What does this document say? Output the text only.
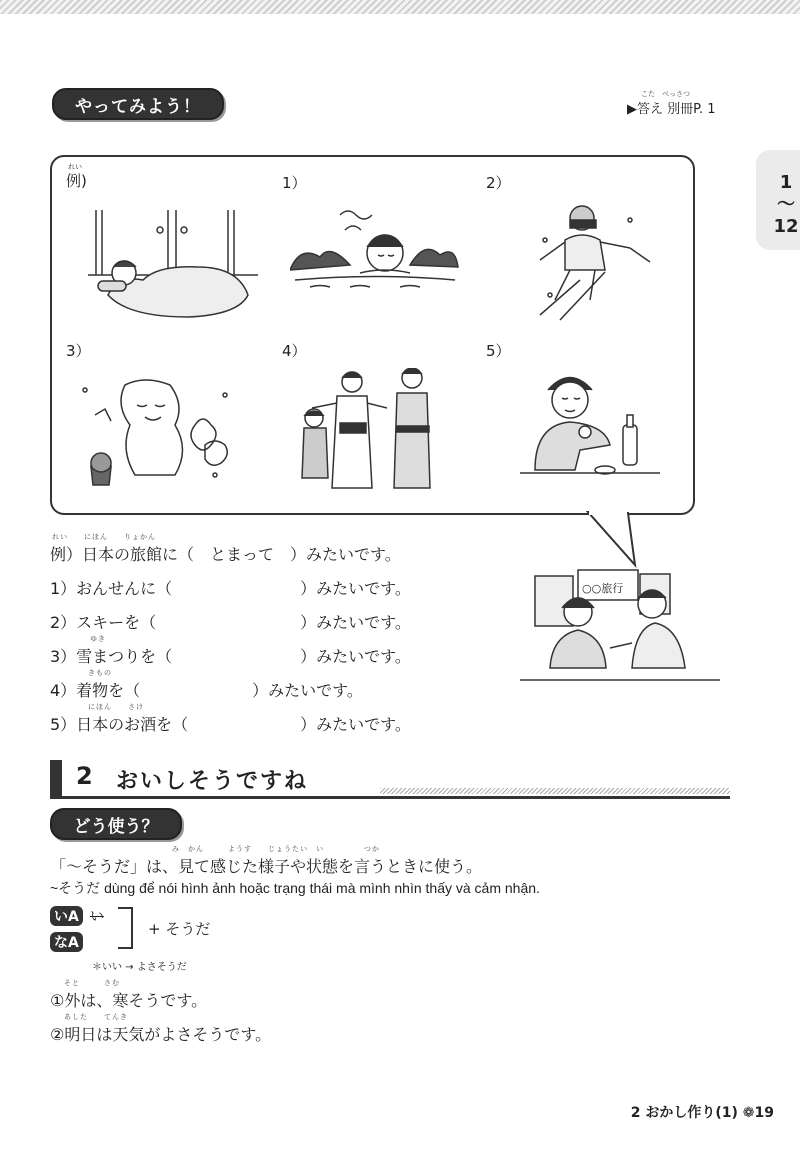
やってみよう！
こた　べっさつ
▶答え 別冊P. 1
1
〜
12
れい
例)	1）	2）
3）	4）	5）
れい　　にほん　　りょかん
例）日本の旅館に（　とまって　）みたいです。
1）おんせんに（　　　　　　　　）みたいです。
2）スキーを（　　　　　　　　　）みたいです。
ゆき
3）雪まつりを（　　　　　　　　）みたいです。
きもの
4）着物を（　　　　　　　）みたいです。
にほん　　さけ
5）日本のお酒を（　　　　　　　）みたいです。
○○旅行
2 おいしそうですね
どう使う？
み　かん　　　ようす　　じょうたい　い　　　　　つか
「〜そうだ」は、見て感じた様子や状態を言うときに使う。
~そうだ dùng để nói hình ảnh hoặc trạng thái mà mình nhìn thấy và cảm nhận.
いA い
なA
+ そうだ
＊いい → よさそうだ
そと　　　さむ
①外は、寒そうです。
あした　　てんき
②明日は天気がよさそうです。
2 おかし作り(1) ❁19
